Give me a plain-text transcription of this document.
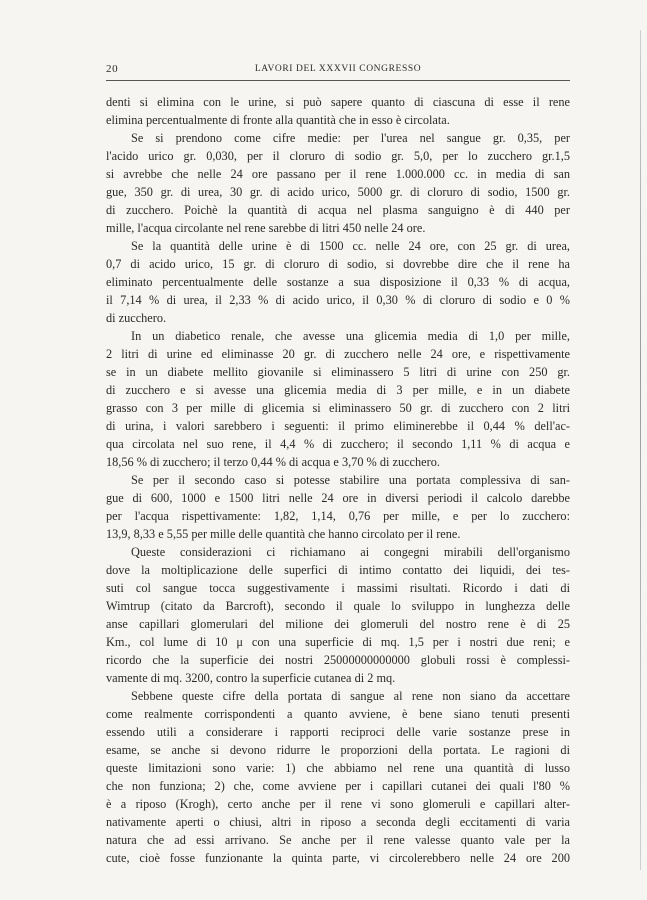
20	LAVORI DEL XXXVII CONGRESSO
denti si elimina con le urine, si può sapere quanto di ciascuna di esse il rene
elimina percentualmente di fronte alla quantità che in esso è circolata.
Se si prendono come cifre medie: per l'urea nel sangue gr. 0,35, per
l'acido urico gr. 0,030, per il cloruro di sodio gr. 5,0, per lo zucchero gr.1,5
si avrebbe che nelle 24 ore passano per il rene 1.000.000 cc. in media di san
gue, 350 gr. di urea, 30 gr. di acido urico, 5000 gr. di cloruro di sodio, 1500 gr.
di zucchero. Poichè la quantità di acqua nel plasma sanguigno è di 440 per
mille, l'acqua circolante nel rene sarebbe di litri 450 nelle 24 ore.
Se la quantità delle urine è di 1500 cc. nelle 24 ore, con 25 gr. di urea,
0,7 di acido urico, 15 gr. di cloruro di sodio, si dovrebbe dire che il rene ha
eliminato percentualmente delle sostanze a sua disposizione il 0,33 % di acqua,
il 7,14 % di urea, il 2,33 % di acido urico, il 0,30 % di cloruro di sodio e 0 %
di zucchero.
In un diabetico renale, che avesse una glicemia media di 1,0 per mille,
2 litri di urine ed eliminasse 20 gr. di zucchero nelle 24 ore, e rispettivamente
se in un diabete mellito giovanile si eliminassero 5 litri di urine con 250 gr.
di zucchero e si avesse una glicemia media di 3 per mille, e in un diabete
grasso con 3 per mille di glicemia si eliminassero 50 gr. di zucchero con 2 litri
di urina, i valori sarebbero i seguenti: il primo eliminerebbe il 0,44 % dell'ac-
qua circolata nel suo rene, il 4,4 % di zucchero; il secondo 1,11 % di acqua e
18,56 % di zucchero; il terzo 0,44 % di acqua e 3,70 % di zucchero.
Se per il secondo caso si potesse stabilire una portata complessiva di san-
gue di 600, 1000 e 1500 litri nelle 24 ore in diversi periodi il calcolo darebbe
per l'acqua rispettivamente: 1,82, 1,14, 0,76 per mille, e per lo zucchero:
13,9, 8,33 e 5,55 per mille delle quantità che hanno circolato per il rene.
Queste considerazioni ci richiamano ai congegni mirabili dell'organismo
dove la moltiplicazione delle superfici di intimo contatto dei liquidi, dei tes-
suti col sangue tocca suggestivamente i massimi risultati. Ricordo i dati di
Wimtrup (citato da Barcroft), secondo il quale lo sviluppo in lunghezza delle
anse capillari glomerulari del milione dei glomeruli del nostro rene è di 25
Km., col lume di 10 μ con una superficie di mq. 1,5 per i nostri due reni; e
ricordo che la superficie dei nostri 25000000000000 globuli rossi è complessi-
vamente di mq. 3200, contro la superficie cutanea di 2 mq.
Sebbene queste cifre della portata di sangue al rene non siano da accettare
come realmente corrispondenti a quanto avviene, è bene siano tenuti presenti
essendo utili a considerare i rapporti reciproci delle varie sostanze prese in
esame, se anche si devono ridurre le proporzioni della portata. Le ragioni di
queste limitazioni sono varie: 1) che abbiamo nel rene una quantità di lusso
che non funziona; 2) che, come avviene per i capillari cutanei dei quali l'80 %
è a riposo (Krogh), certo anche per il rene vi sono glomeruli e capillari alter-
nativamente aperti o chiusi, altri in riposo a seconda degli eccitamenti di varia
natura che ad essi arrivano. Se anche per il rene valesse quanto vale per la
cute, cioè fosse funzionante la quinta parte, vi circolerebbero nelle 24 ore 200
